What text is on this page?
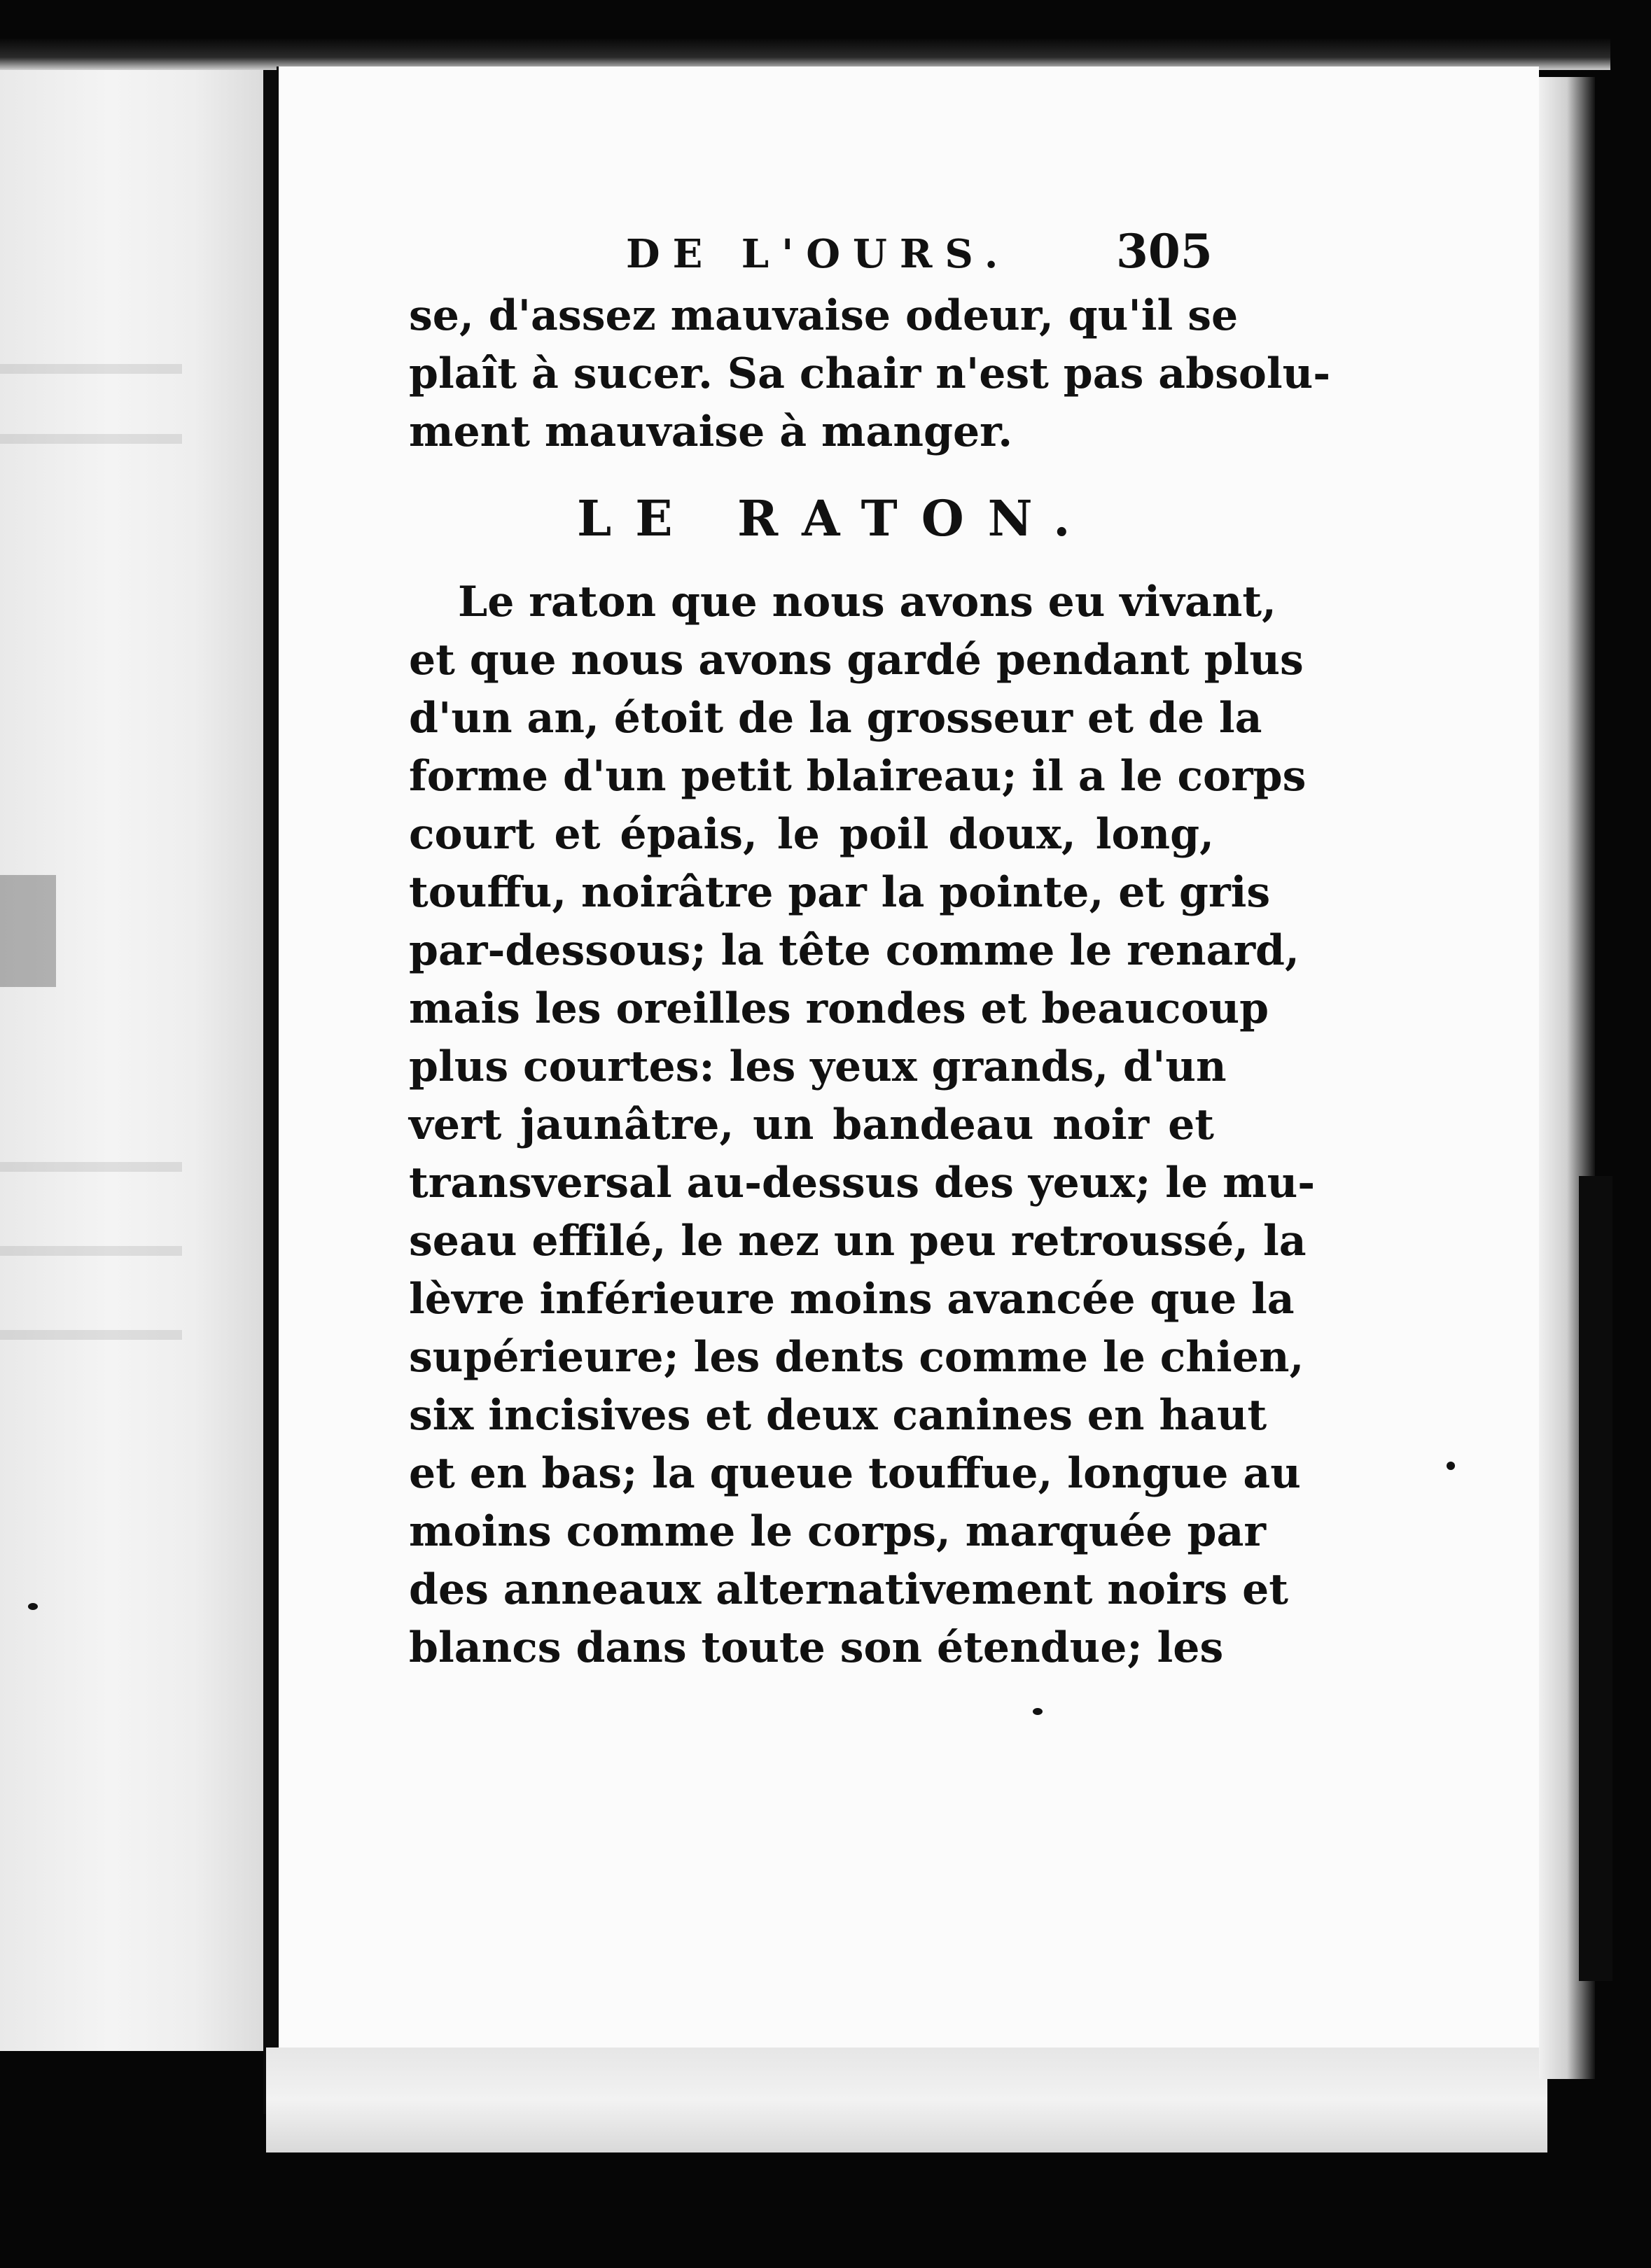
DE L'OURS. 305
se, d'assez mauvaise odeur, qu'il se
plaît à sucer. Sa chair n'est pas absolu-
ment mauvaise à manger.
LE RATON.
Le raton que nous avons eu vivant,
et que nous avons gardé pendant plus
d'un an, étoit de la grosseur et de la
forme d'un petit blaireau; il a le corps
court et épais, le poil doux, long,
touffu, noirâtre par la pointe, et gris
par-dessous; la tête comme le renard,
mais les oreilles rondes et beaucoup
plus courtes: les yeux grands, d'un
vert jaunâtre, un bandeau noir et
transversal au-dessus des yeux; le mu-
seau effilé, le nez un peu retroussé, la
lèvre inférieure moins avancée que la
supérieure; les dents comme le chien,
six incisives et deux canines en haut
et en bas; la queue touffue, longue au
moins comme le corps, marquée par
des anneaux alternativement noirs et
blancs dans toute son étendue; les
